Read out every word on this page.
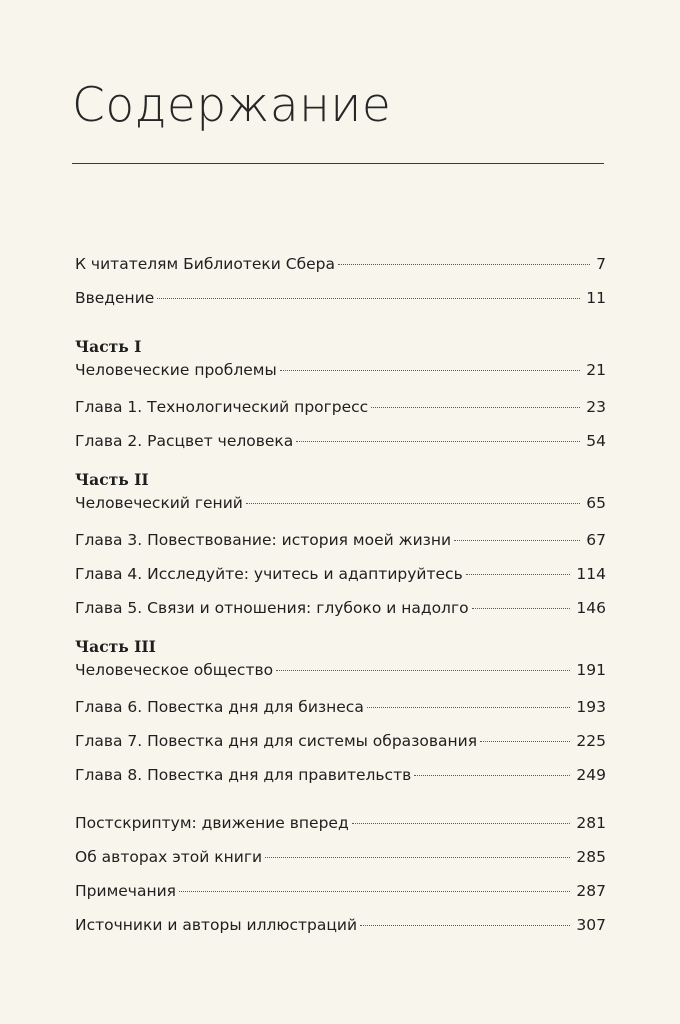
Содержание
К читателям Библиотеки Сбера	7
Введение	11
Часть I
Человеческие проблемы	21
Глава 1. Технологический прогресс	23
Глава 2. Расцвет человека	54
Часть II
Человеческий гений	65
Глава 3. Повествование: история моей жизни	67
Глава 4. Исследуйте: учитесь и адаптируйтесь	114
Глава 5. Связи и отношения: глубоко и надолго	146
Часть III
Человеческое общество	191
Глава 6. Повестка дня для бизнеса	193
Глава 7. Повестка дня для системы образования	225
Глава 8. Повестка дня для правительств	249
Постскриптум: движение вперед	281
Об авторах этой книги	285
Примечания	287
Источники и авторы иллюстраций	307
